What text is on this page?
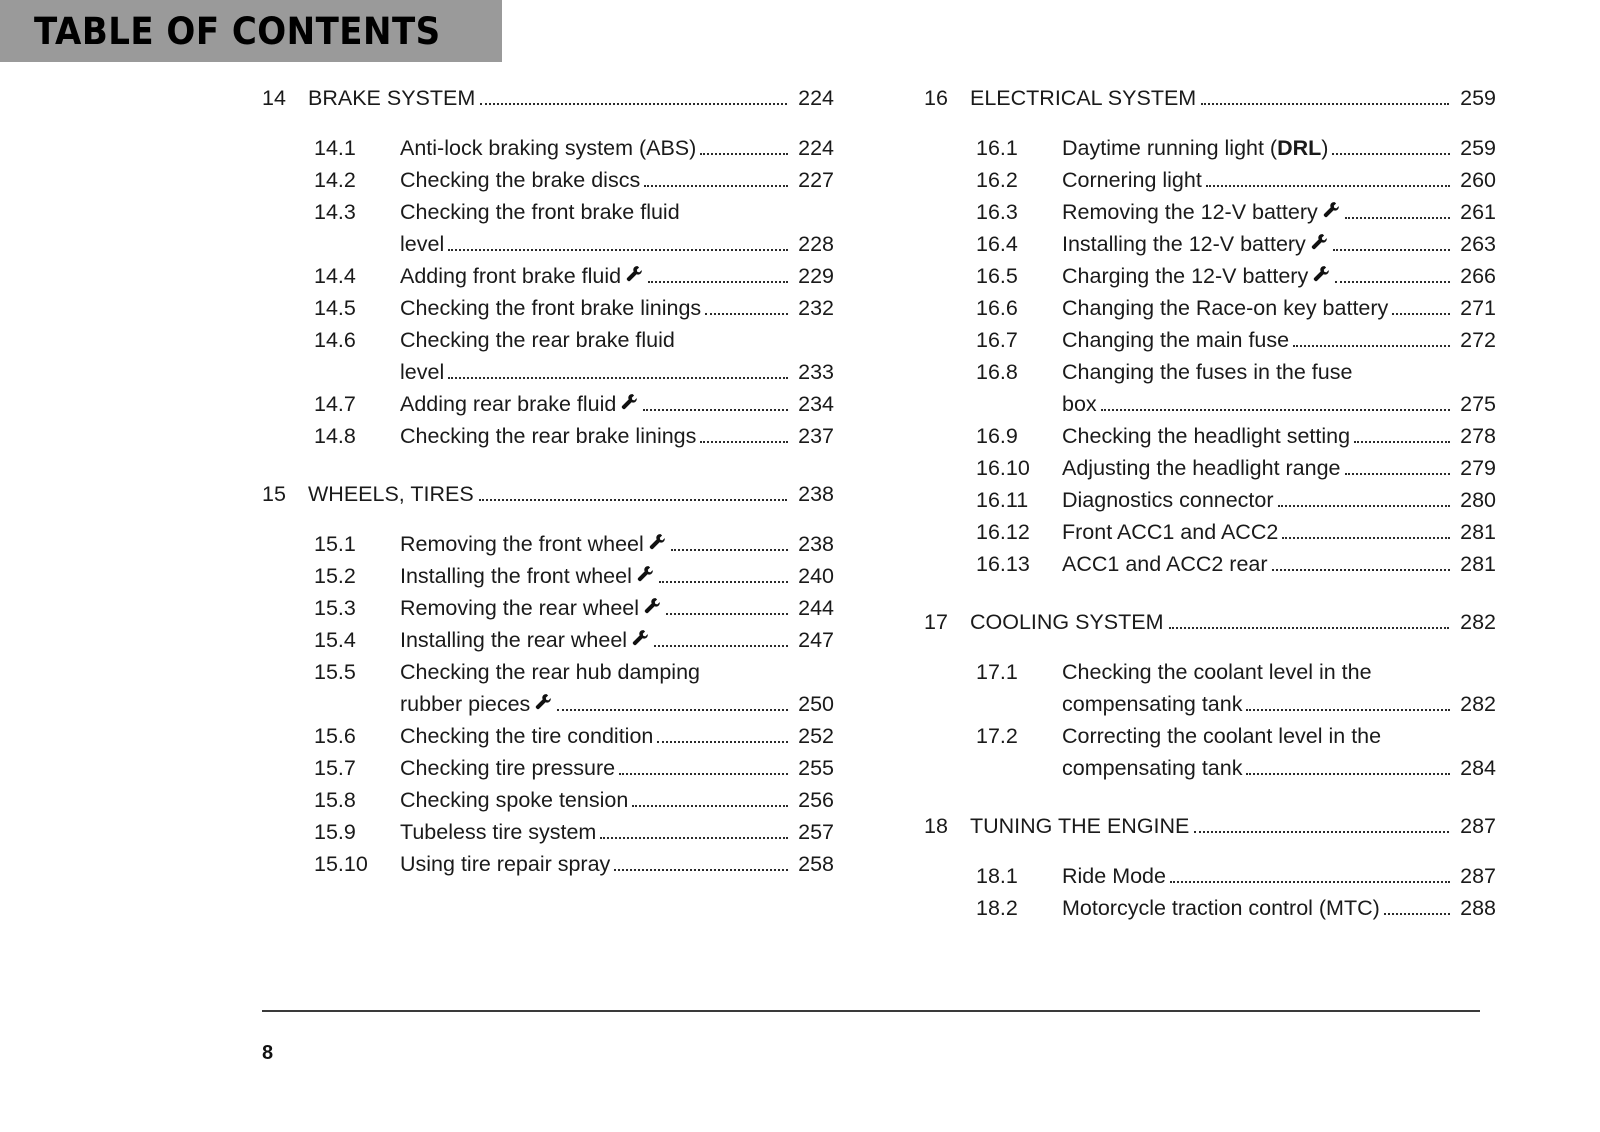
TABLE OF CONTENTS
14	BRAKE SYSTEM	224
14.1	Anti-lock braking system (ABS)	224
14.2	Checking the brake discs	227
14.3	Checking the front brake fluid
level	228
14.4	Adding front brake fluid	229
14.5	Checking the front brake linings	232
14.6	Checking the rear brake fluid
level	233
14.7	Adding rear brake fluid	234
14.8	Checking the rear brake linings	237
15	WHEELS, TIRES	238
15.1	Removing the front wheel	238
15.2	Installing the front wheel	240
15.3	Removing the rear wheel	244
15.4	Installing the rear wheel	247
15.5	Checking the rear hub damping
rubber pieces	250
15.6	Checking the tire condition	252
15.7	Checking tire pressure	255
15.8	Checking spoke tension	256
15.9	Tubeless tire system	257
15.10	Using tire repair spray	258
16	ELECTRICAL SYSTEM	259
16.1	Daytime running light (DRL)	259
16.2	Cornering light	260
16.3	Removing the 12-V battery	261
16.4	Installing the 12-V battery	263
16.5	Charging the 12-V battery	266
16.6	Changing the Race-on key battery	271
16.7	Changing the main fuse	272
16.8	Changing the fuses in the fuse
box	275
16.9	Checking the headlight setting	278
16.10	Adjusting the headlight range	279
16.11	Diagnostics connector	280
16.12	Front ACC1 and ACC2	281
16.13	ACC1 and ACC2 rear	281
17	COOLING SYSTEM	282
17.1	Checking the coolant level in the
compensating tank	282
17.2	Correcting the coolant level in the
compensating tank	284
18	TUNING THE ENGINE	287
18.1	Ride Mode	287
18.2	Motorcycle traction control (MTC)	288
8
